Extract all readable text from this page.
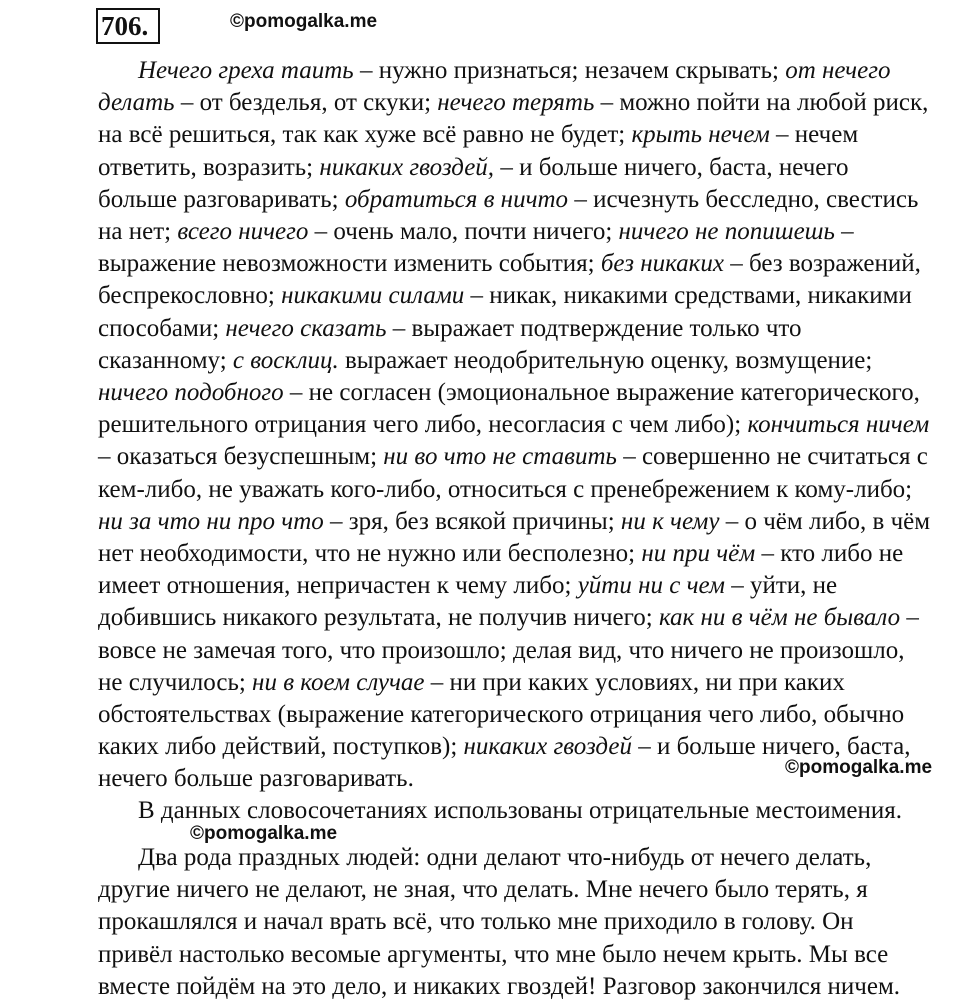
706.	©pomogalka.me
Нечего греха таить – нужно признаться; незачем скрывать; от нечего
делать – от безделья, от скуки; нечего терять – можно пойти на любой риск,
на всё решиться, так как хуже всё равно не будет; крыть нечем – нечем
ответить, возразить; никаких гвоздей, – и больше ничего, баста, нечего
больше разговаривать; обратиться в ничто – исчезнуть бесследно, свестись
на нет; всего ничего – очень мало, почти ничего; ничего не попишешь –
выражение невозможности изменить события; без никаких – без возражений,
беспрекословно; никакими силами – никак, никакими средствами, никакими
способами; нечего сказать – выражает подтверждение только что
сказанному; с восклиц. выражает неодобрительную оценку, возмущение;
ничего подобного – не согласен (эмоциональное выражение категорического,
решительного отрицания чего либо, несогласия с чем либо); кончиться ничем
– оказаться безуспешным; ни во что не ставить – совершенно не считаться с
кем-либо, не уважать кого-либо, относиться с пренебрежением к кому-либо;
ни за что ни про что – зря, без всякой причины; ни к чему – о чём либо, в чём
нет необходимости, что не нужно или бесполезно; ни при чём – кто либо не
имеет отношения, непричастен к чему либо; уйти ни с чем – уйти, не
добившись никакого результата, не получив ничего; как ни в чём не бывало –
вовсе не замечая того, что произошло; делая вид, что ничего не произошло,
не случилось; ни в коем случае – ни при каких условиях, ни при каких
обстоятельствах (выражение категорического отрицания чего либо, обычно
каких либо действий, поступков); никаких гвоздей – и больше ничего, баста,
нечего больше разговаривать.	©pomogalka.me
В данных словосочетаниях использованы отрицательные местоимения.
©pomogalka.me
Два рода праздных людей: одни делают что-нибудь от нечего делать,
другие ничего не делают, не зная, что делать. Мне нечего было терять, я
прокашлялся и начал врать всё, что только мне приходило в голову. Он
привёл настолько весомые аргументы, что мне было нечем крыть. Мы все
вместе пойдём на это дело, и никаких гвоздей! Разговор закончился ничем.
